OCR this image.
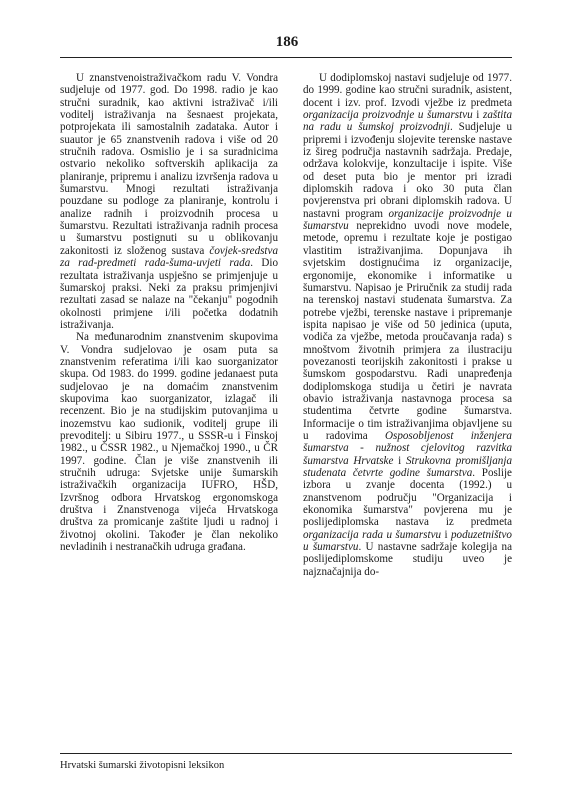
186

U znanstvenoistraživačkom radu V. Vondra sudjeluje od 1977. god. Do 1998. radio je kao stručni suradnik, kao aktivni istraživač i/ili voditelj istraživanja na šesnaest projekata, potprojekata ili samostalnih zadataka. Autor i suautor je 65 znanstvenih radova i više od 20 stručnih radova. Osmislio je i sa suradnicima ostvario nekoliko softverskih aplikacija za planiranje, pripremu i analizu izvršenja radova u šumarstvu. Mnogi rezultati istraživanja pouzdane su podloge za planiranje, kontrolu i analize radnih i proizvodnih procesa u šumarstvu. Rezultati istraživanja radnih procesa u šumarstvu postignuti su u oblikovanju zakonitosti iz složenog sustava čovjek-sredstva za rad-predmeti rada-šuma-uvjeti rada. Dio rezultata istraživanja uspješno se primjenjuje u šumarskoj praksi. Neki za praksu primjenjivi rezultati zasad se nalaze na "čekanju" pogodnih okolnosti primjene i/ili početka dodatnih istraživanja.

Na međunarodnim znanstvenim skupovima V. Vondra sudjelovao je osam puta sa znanstvenim referatima i/ili kao suorganizator skupa. Od 1983. do 1999. godine jedanaest puta sudjelovao je na domaćim znanstvenim skupovima kao suorganizator, izlagač ili recenzent. Bio je na studijskim putovanjima u inozemstvu kao sudionik, voditelj grupe ili prevoditelj: u Sibiru 1977., u SSSR-u i Finskoj 1982., u ČSSR 1982., u Njemačkoj 1990., u ČR 1997. godine. Član je više znanstvenih ili stručnih udruga: Svjetske unije šumarskih istraživačkih organizacija IUFRO, HŠD, Izvršnog odbora Hrvatskog ergonomskoga društva i Znanstvenoga vijeća Hrvatskoga društva za promicanje zaštite ljudi u radnoj i životnoj okolini. Također je član nekoliko nevladinih i nestranačkih udruga građana.

U dodiplomskoj nastavi sudjeluje od 1977. do 1999. godine kao stručni suradnik, asistent, docent i izv. prof. Izvodi vježbe iz predmeta organizacija proizvodnje u šumarstvu i zaštita na radu u šumskoj proizvodnji. Sudjeluje u pripremi i izvođenju slojevite terenske nastave iz šireg područja nastavnih sadržaja. Predaje, održava kolokvije, konzultacije i ispite. Više od deset puta bio je mentor pri izradi diplomskih radova i oko 30 puta član povjerenstva pri obrani diplomskih radova. U nastavni program organizacije proizvodnje u šumarstvu neprekidno uvodi nove modele, metode, opremu i rezultate koje je postigao vlastitim istraživanjima. Dopunjava ih svjetskim dostignućima iz organizacije, ergonomije, ekonomike i informatike u šumarstvu. Napisao je Priručnik za studij rada na terenskoj nastavi studenata šumarstva. Za potrebe vježbi, terenske nastave i pripremanje ispita napisao je više od 50 jedinica (uputa, vodiča za vježbe, metoda proučavanja rada) s mnoštvom životnih primjera za ilustraciju povezanosti teorijskih zakonitosti i prakse u šumskom gospodarstvu. Radi unapređenja dodiplomskoga studija u četiri je navrata obavio istraživanja nastavnoga procesa sa studentima četvrte godine šumarstva. Informacije o tim istraživanjima objavljene su u radovima Osposobljenost inženjera šumarstva - nužnost cjelovitog razvitka šumarstva Hrvatske i Strukovna promišljanja studenata četvrte godine šumarstva. Poslije izbora u zvanje docenta (1992.) u znanstvenom području "Organizacija i ekonomika šumarstva" povjerena mu je poslijediplomska nastava iz predmeta organizacija rada u šumarstvu i poduzetništvo u šumarstvu. U nastavne sadržaje kolegija na poslijediplomskome studiju uveo je najznačajnija do-

Hrvatski šumarski životopisni leksikon
